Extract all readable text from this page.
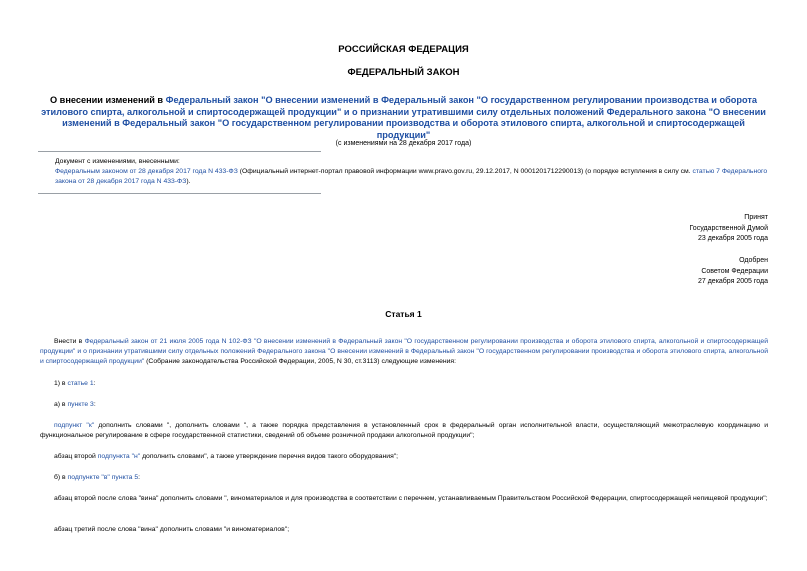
РОССИЙСКАЯ ФЕДЕРАЦИЯ
ФЕДЕРАЛЬНЫЙ ЗАКОН
О внесении изменений в Федеральный закон "О внесении изменений в Федеральный закон "О государственном регулировании производства и оборота этилового спирта, алкогольной и спиртосодержащей продукции" и о признании утратившими силу отдельных положений Федерального закона "О внесении изменений в Федеральный закон "О государственном регулировании производства и оборота этилового спирта, алкогольной и спиртосодержащей продукции"
(с изменениями на 28 декабря 2017 года)
Документ с изменениями, внесенными:
Федеральным законом от 28 декабря 2017 года N 433-ФЗ (Официальный интернет-портал правовой информации www.pravo.gov.ru, 29.12.2017, N 0001201712290013) (о порядке вступления в силу см. статью 7 Федерального закона от 28 декабря 2017 года N 433-ФЗ).
Принят
Государственной Думой
23 декабря 2005 года
Одобрен
Советом Федерации
27 декабря 2005 года
Статья 1
Внести в Федеральный закон от 21 июля 2005 года N 102-ФЗ "О внесении изменений в Федеральный закон "О государственном регулировании производства и оборота этилового спирта, алкогольной и спиртосодержащей продукции" и о признании утратившими силу отдельных положений Федерального закона "О внесении изменений в Федеральный закон "О государственном регулировании производства и оборота этилового спирта, алкогольной и спиртосодержащей продукции" (Собрание законодательства Российской Федерации, 2005, N 30, ст.3113) следующие изменения:
1) в статье 1:
а) в пункте 3:
подпункт "к" дополнить словами ", дополнить словами ", а также порядка представления в установленный срок в федеральный орган исполнительной власти, осуществляющий межотраслевую координацию и функциональное регулирование в сфере государственной статистики, сведений об объеме розничной продажи алкогольной продукции";
абзац второй подпункта "н" дополнить словами", а также утверждение перечня видов такого оборудования";
б) в подпункте "в" пункта 5:
абзац второй после слова "вина" дополнить словами ", виноматериалов и для производства в соответствии с перечнем, устанавливаемым Правительством Российской Федерации, спиртосодержащей непищевой продукции";
абзац третий после слова "вина" дополнить словами "и виноматериалов";
